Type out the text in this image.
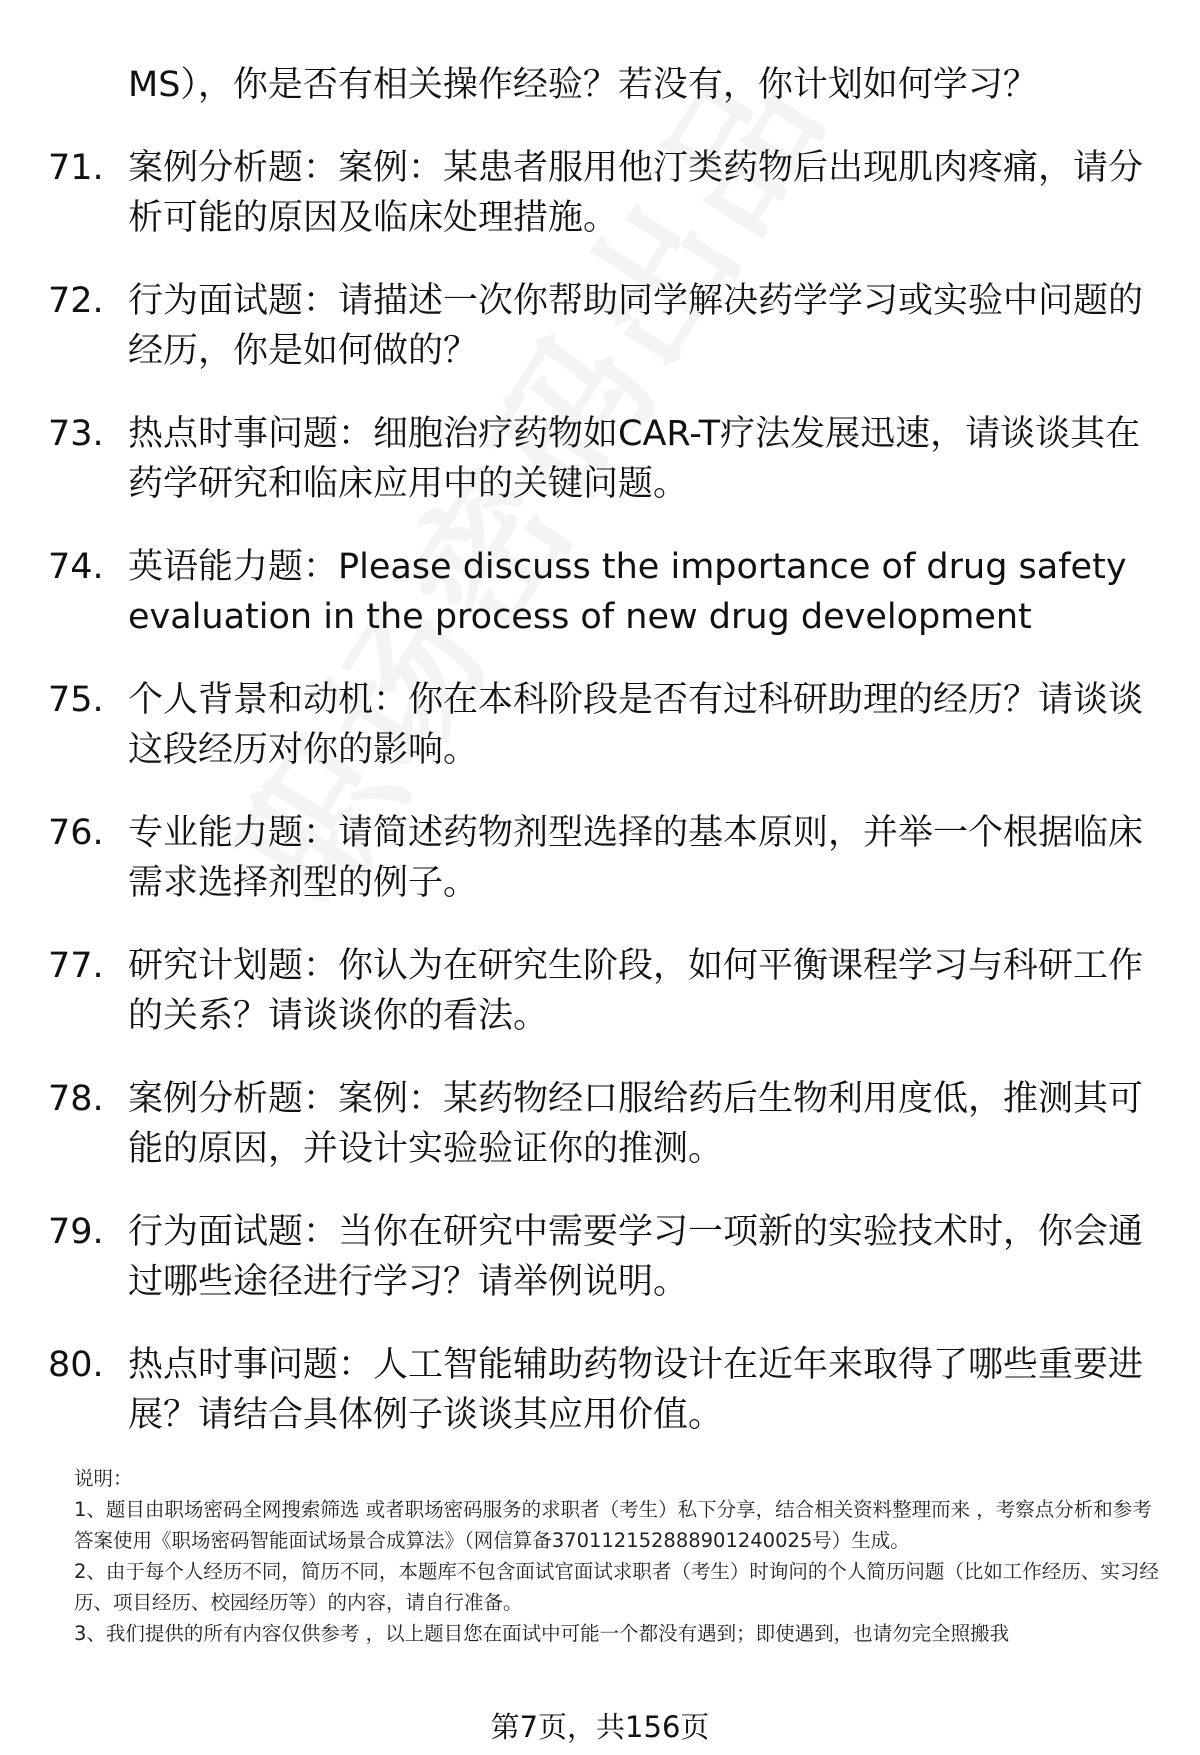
MS），你是否有相关操作经验？若没有，你计划如何学习？
71. 案例分析题：案例：某患者服用他汀类药物后出现肌肉疼痛，请分析可能的原因及临床处理措施。
72. 行为面试题：请描述一次你帮助同学解决药学学习或实验中问题的经历，你是如何做的？
73. 热点时事问题：细胞治疗药物如CAR-T疗法发展迅速，请谈谈其在药学研究和临床应用中的关键问题。
74. 英语能力题：Please discuss the importance of drug safety evaluation in the process of new drug development
75. 个人背景和动机：你在本科阶段是否有过科研助理的经历？请谈谈这段经历对你的影响。
76. 专业能力题：请简述药物剂型选择的基本原则，并举一个根据临床需求选择剂型的例子。
77. 研究计划题：你认为在研究生阶段，如何平衡课程学习与科研工作的关系？请谈谈你的看法。
78. 案例分析题：案例：某药物经口服给药后生物利用度低，推测其可能的原因，并设计实验验证你的推测。
79. 行为面试题：当你在研究中需要学习一项新的实验技术时，你会通过哪些途径进行学习？请举例说明。
80. 热点时事问题：人工智能辅助药物设计在近年来取得了哪些重要进展？请结合具体例子谈谈其应用价值。

说明：

1、题目由职场密码全网搜索筛选 或者职场密码服务的求职者（考生）私下分享，结合相关资料整理而来 ，考察点分析和参考答案使用《职场密码智能面试场景合成算法》（网信算备370112152888901240025号）生成。

2、由于每个人经历不同，简历不同，本题库不包含面试官面试求职者（考生）时询问的个人简历问题（比如工作经历、实习经历、项目经历、校园经历等）的内容，请自行准备。

3、我们提供的所有内容仅供参考 ，以上题目您在面试中可能一个都没有遇到；即使遇到，也请勿完全照搬我

第7页，共156页
